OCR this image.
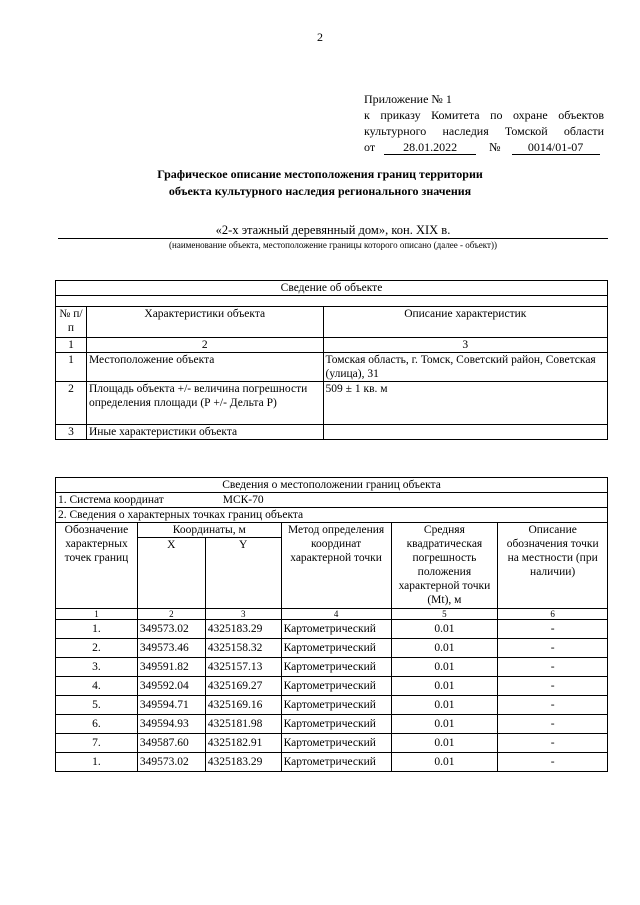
2
Приложение № 1
к приказу Комитета по охране объектов
культурного наследия Томской области
от 28.01.2022	№ 0014/01-07
Графическое описание местоположения границ территории
объекта культурного наследия регионального значения
«2-х этажный деревянный дом», кон. XIX в.
(наименование объекта, местоположение границы которого описано (далее - объект))
Сведение об объекте		

№ п/п	Характеристики объекта	Описание характеристик
1	2	3
1	Местоположение объекта	Томская область, г. Томск, Советский район, Советская (улица), 31
2	Площадь объекта +/- величина погрешности определения площади (Р +/- Дельта Р)	509 ± 1 кв. м
3	Иные характеристики объекта	
Сведения о местоположении границ объекта					
1. Система координат МСК-70					
2. Сведения о характерных точках границ объекта					
Обозначение характерных точек границ	Координаты, м		Метод определения координат характерной точки	Средняя квадратическая погрешность положения характерной точки (Mt), м	Описание обозначения точки на местности (при наличии)
	X	Y			
1	2	3	4	5	6
1.	349573.02	4325183.29	Картометрический	0.01	-
2.	349573.46	4325158.32	Картометрический	0.01	-
3.	349591.82	4325157.13	Картометрический	0.01	-
4.	349592.04	4325169.27	Картометрический	0.01	-
5.	349594.71	4325169.16	Картометрический	0.01	-
6.	349594.93	4325181.98	Картометрический	0.01	-
7.	349587.60	4325182.91	Картометрический	0.01	-
1.	349573.02	4325183.29	Картометрический	0.01	-
